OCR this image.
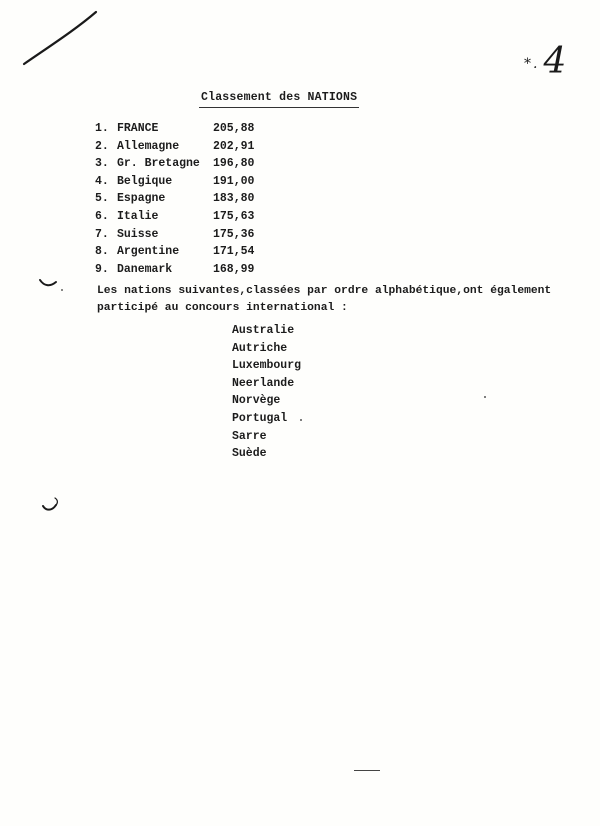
*. 4
Classement des NATIONS
1. FRANCE	205,88
2. Allemagne	202,91
3. Gr. Bretagne 196,80
4. Belgique	191,00
5. Espagne	183,80
6. Italie	175,63
7. Suisse	175,36
8. Argentine	171,54
9. Danemark	168,99
Les nations suivantes,classées par ordre alphabétique,ont également
participé au concours international :
Australie
Autriche
Luxembourg
Neerlande
Norvège
Portugal
Sarre
Suède
